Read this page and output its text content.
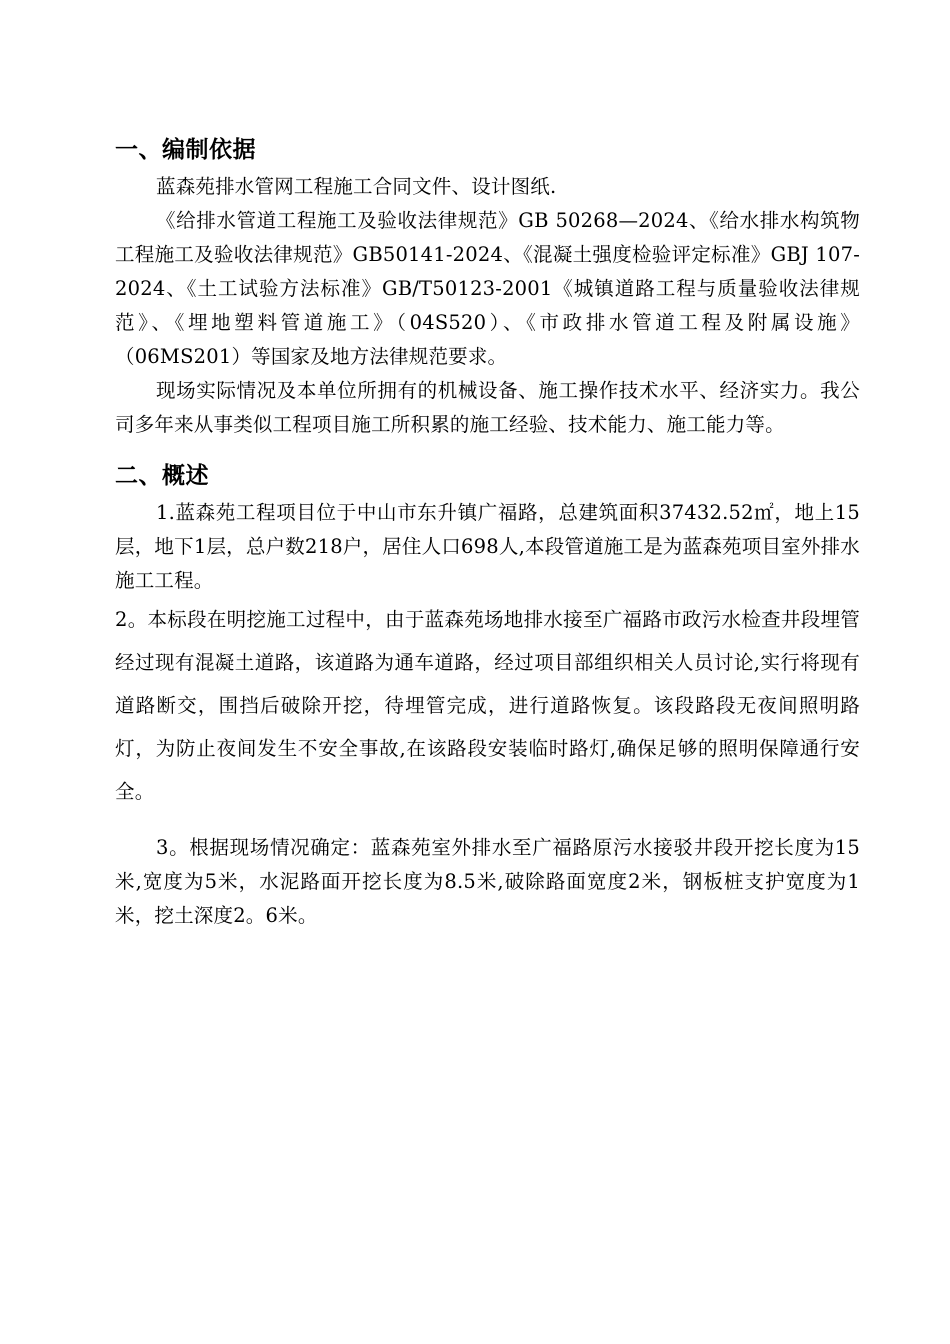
一、编制依据

蓝森苑排水管网工程施工合同文件、设计图纸.

《给排水管道工程施工及验收法律规范》GB 50268—2024、《给水排水构筑物工程施工及验收法律规范》GB50141-2024、《混凝土强度检验评定标准》GBJ 107-2024、《土工试验方法标准》GB/T50123-2001《城镇道路工程与质量验收法律规范》、《埋地塑料管道施工》（04S520）、《市政排水管道工程及附属设施》（06MS201）等国家及地方法律规范要求。

现场实际情况及本单位所拥有的机械设备、施工操作技术水平、经济实力。我公司多年来从事类似工程项目施工所积累的施工经验、技术能力、施工能力等。

二、概述

1.蓝森苑工程项目位于中山市东升镇广福路，总建筑面积37432.52㎡，地上15层，地下1层，总户数218户，居住人口698人,本段管道施工是为蓝森苑项目室外排水施工工程。

2。本标段在明挖施工过程中，由于蓝森苑场地排水接至广福路市政污水检查井段埋管经过现有混凝土道路，该道路为通车道路，经过项目部组织相关人员讨论,实行将现有道路断交，围挡后破除开挖，待埋管完成，进行道路恢复。该段路段无夜间照明路灯，为防止夜间发生不安全事故,在该路段安装临时路灯,确保足够的照明保障通行安全。

3。根据现场情况确定：蓝森苑室外排水至广福路原污水接驳井段开挖长度为15米,宽度为5米，水泥路面开挖长度为8.5米,破除路面宽度2米，钢板桩支护宽度为1米，挖土深度2。6米。
